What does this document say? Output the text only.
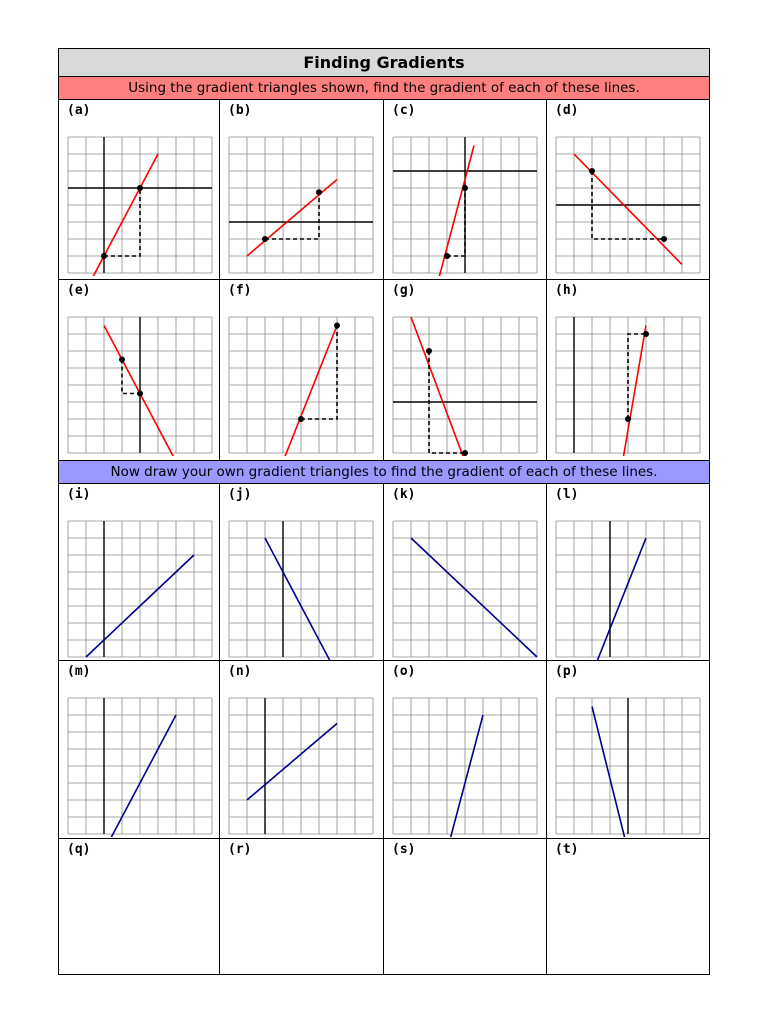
Finding Gradients
Using the gradient triangles shown, find the gradient of each of these lines.
Now draw your own gradient triangles to find the gradient of each of these lines.
(a)	(b)	(c)	(d)
(e)	(f)	(g)	(h)
(i)	(j)	(k)	(l)
(m)	(n)	(o)	(p)
(q)	(r)	(s)	(t)
